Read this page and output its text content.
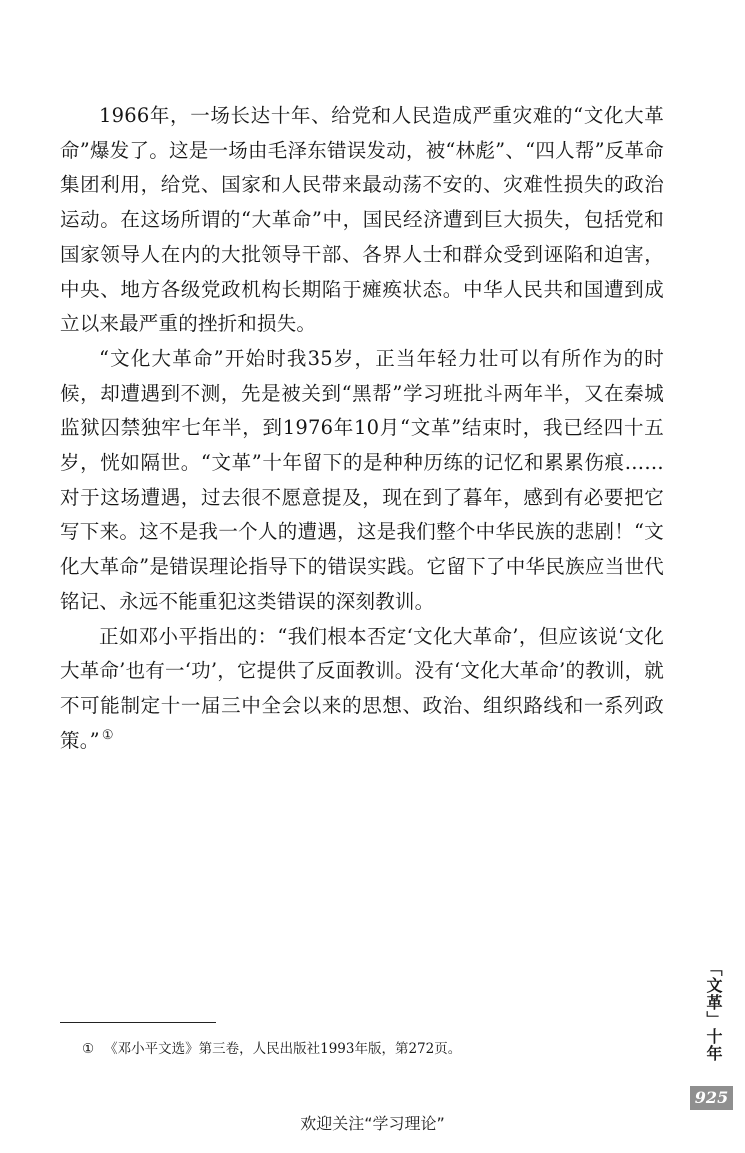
1966年，一场长达十年、给党和人民造成严重灾难的“文化大革命”爆发了。这是一场由毛泽东错误发动，被“林彪”、“四人帮”反革命集团利用，给党、国家和人民带来最动荡不安的、灾难性损失的政治运动。在这场所谓的“大革命”中，国民经济遭到巨大损失，包括党和国家领导人在内的大批领导干部、各界人士和群众受到诬陷和迫害，中央、地方各级党政机构长期陷于瘫痪状态。中华人民共和国遭到成立以来最严重的挫折和损失。

“文化大革命”开始时我35岁，正当年轻力壮可以有所作为的时候，却遭遇到不测，先是被关到“黑帮”学习班批斗两年半，又在秦城监狱囚禁独牢七年半，到1976年10月“文革”结束时，我已经四十五岁，恍如隔世。“文革”十年留下的是种种历练的记忆和累累伤痕……对于这场遭遇，过去很不愿意提及，现在到了暮年，感到有必要把它写下来。这不是我一个人的遭遇，这是我们整个中华民族的悲剧！“文化大革命”是错误理论指导下的错误实践。它留下了中华民族应当世代铭记、永远不能重犯这类错误的深刻教训。

正如邓小平指出的：“我们根本否定‘文化大革命’，但应该说‘文化大革命’也有一‘功’，它提供了反面教训。没有‘文化大革命’的教训，就不可能制定十一届三中全会以来的思想、政治、组织路线和一系列政策。” ①

① 《邓小平文选》第三卷，人民出版社1993年版，第272页。	「文革」十年
925
欢迎关注“学习理论”
